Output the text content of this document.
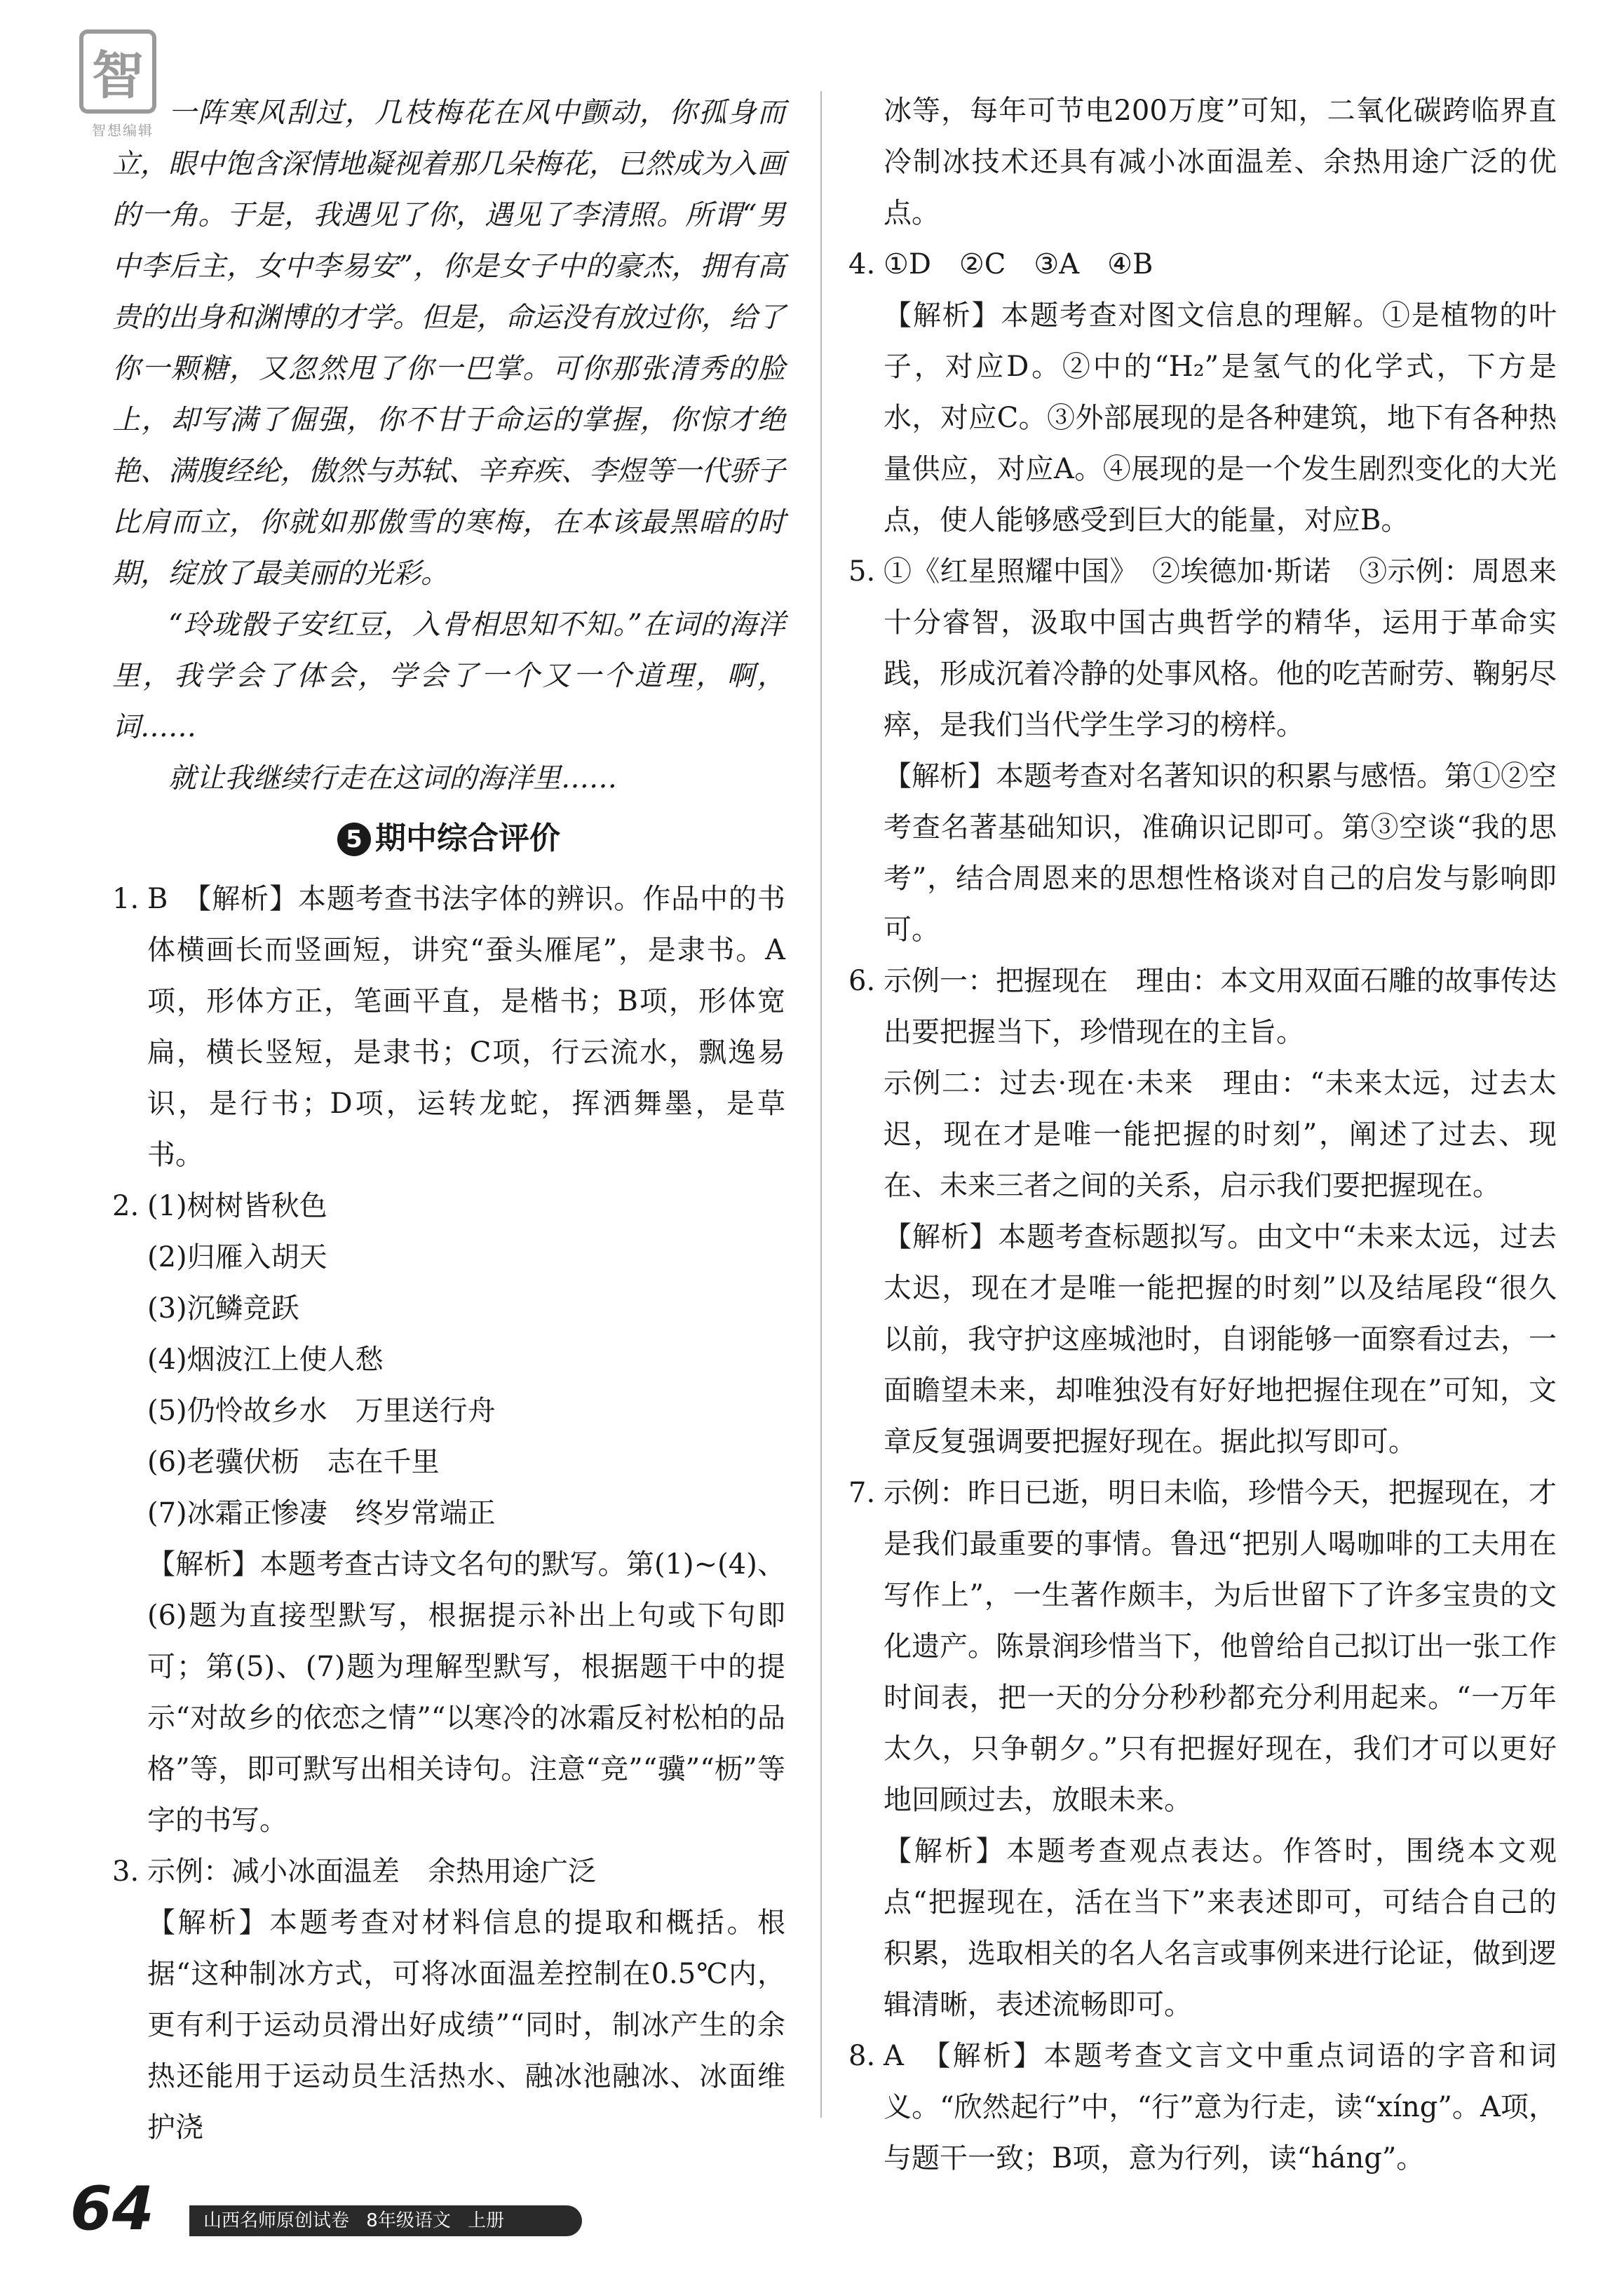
智
智想编辑

一阵寒风刮过，几枝梅花在风中颤动，你孤身而立，眼中饱含深情地凝视着那几朵梅花，已然成为入画的一角。于是，我遇见了你，遇见了李清照。所谓“男中李后主，女中李易安”，你是女子中的豪杰，拥有高贵的出身和渊博的才学。但是，命运没有放过你，给了你一颗糖，又忽然甩了你一巴掌。可你那张清秀的脸上，却写满了倔强，你不甘于命运的掌握，你惊才绝艳、满腹经纶，傲然与苏轼、辛弃疾、李煜等一代骄子比肩而立，你就如那傲雪的寒梅，在本该最黑暗的时期，绽放了最美丽的光彩。

“玲珑骰子安红豆，入骨相思知不知。”在词的海洋里，我学会了体会，学会了一个又一个道理，啊，词……

就让我继续行走在这词的海洋里……

5 期中综合评价
1. B　【解析】本题考查书法字体的辨识。作品中的书体横画长而竖画短，讲究“蚕头雁尾”，是隶书。A项，形体方正，笔画平直，是楷书；B项，形体宽扁，横长竖短，是隶书；C项，行云流水，飘逸易识，是行书；D项，运转龙蛇，挥洒舞墨，是草书。
2. (1)树树皆秋色
(2)归雁入胡天
(3)沉鳞竞跃
(4)烟波江上使人愁
(5)仍怜故乡水　万里送行舟
(6)老骥伏枥　志在千里
(7)冰霜正惨凄　终岁常端正
【解析】本题考查古诗文名句的默写。第(1)~(4)、(6)题为直接型默写，根据提示补出上句或下句即可；第(5)、(7)题为理解型默写，根据题干中的提示“对故乡的依恋之情”“以寒冷的冰霜反衬松柏的品格”等，即可默写出相关诗句。注意“竞”“骥”“枥”等字的书写。
3. 示例：减小冰面温差　余热用途广泛
【解析】本题考查对材料信息的提取和概括。根据“这种制冰方式，可将冰面温差控制在0.5℃内，更有利于运动员滑出好成绩”“同时，制冰产生的余热还能用于运动员生活热水、融冰池融冰、冰面维护浇
冰等，每年可节电200万度”可知，二氧化碳跨临界直冷制冰技术还具有减小冰面温差、余热用途广泛的优点。
4. ①D　②C　③A　④B
【解析】本题考查对图文信息的理解。①是植物的叶子，对应D。②中的“H₂”是氢气的化学式，下方是水，对应C。③外部展现的是各种建筑，地下有各种热量供应，对应A。④展现的是一个发生剧烈变化的大光点，使人能够感受到巨大的能量，对应B。
5. ①《红星照耀中国》　②埃德加·斯诺　③示例：周恩来十分睿智，汲取中国古典哲学的精华，运用于革命实践，形成沉着冷静的处事风格。他的吃苦耐劳、鞠躬尽瘁，是我们当代学生学习的榜样。
【解析】本题考查对名著知识的积累与感悟。第①②空考查名著基础知识，准确识记即可。第③空谈“我的思考”，结合周恩来的思想性格谈对自己的启发与影响即可。
6. 示例一：把握现在　理由：本文用双面石雕的故事传达出要把握当下，珍惜现在的主旨。
示例二：过去·现在·未来　理由：“未来太远，过去太迟，现在才是唯一能把握的时刻”，阐述了过去、现在、未来三者之间的关系，启示我们要把握现在。
【解析】本题考查标题拟写。由文中“未来太远，过去太迟，现在才是唯一能把握的时刻”以及结尾段“很久以前，我守护这座城池时，自诩能够一面察看过去，一面瞻望未来，却唯独没有好好地把握住现在”可知，文章反复强调要把握好现在。据此拟写即可。
7. 示例：昨日已逝，明日未临，珍惜今天，把握现在，才是我们最重要的事情。鲁迅“把别人喝咖啡的工夫用在写作上”，一生著作颇丰，为后世留下了许多宝贵的文化遗产。陈景润珍惜当下，他曾给自己拟订出一张工作时间表，把一天的分分秒秒都充分利用起来。“一万年太久，只争朝夕。”只有把握好现在，我们才可以更好地回顾过去，放眼未来。
【解析】本题考查观点表达。作答时，围绕本文观点“把握现在，活在当下”来表述即可，可结合自己的积累，选取相关的名人名言或事例来进行论证，做到逻辑清晰，表述流畅即可。
8. A　【解析】本题考查文言文中重点词语的字音和词义。“欣然起行”中，“行”意为行走，读“xíng”。A项，与题干一致；B项，意为行列，读“háng”。
64	山西名师原创试卷 8年级语文 上册
